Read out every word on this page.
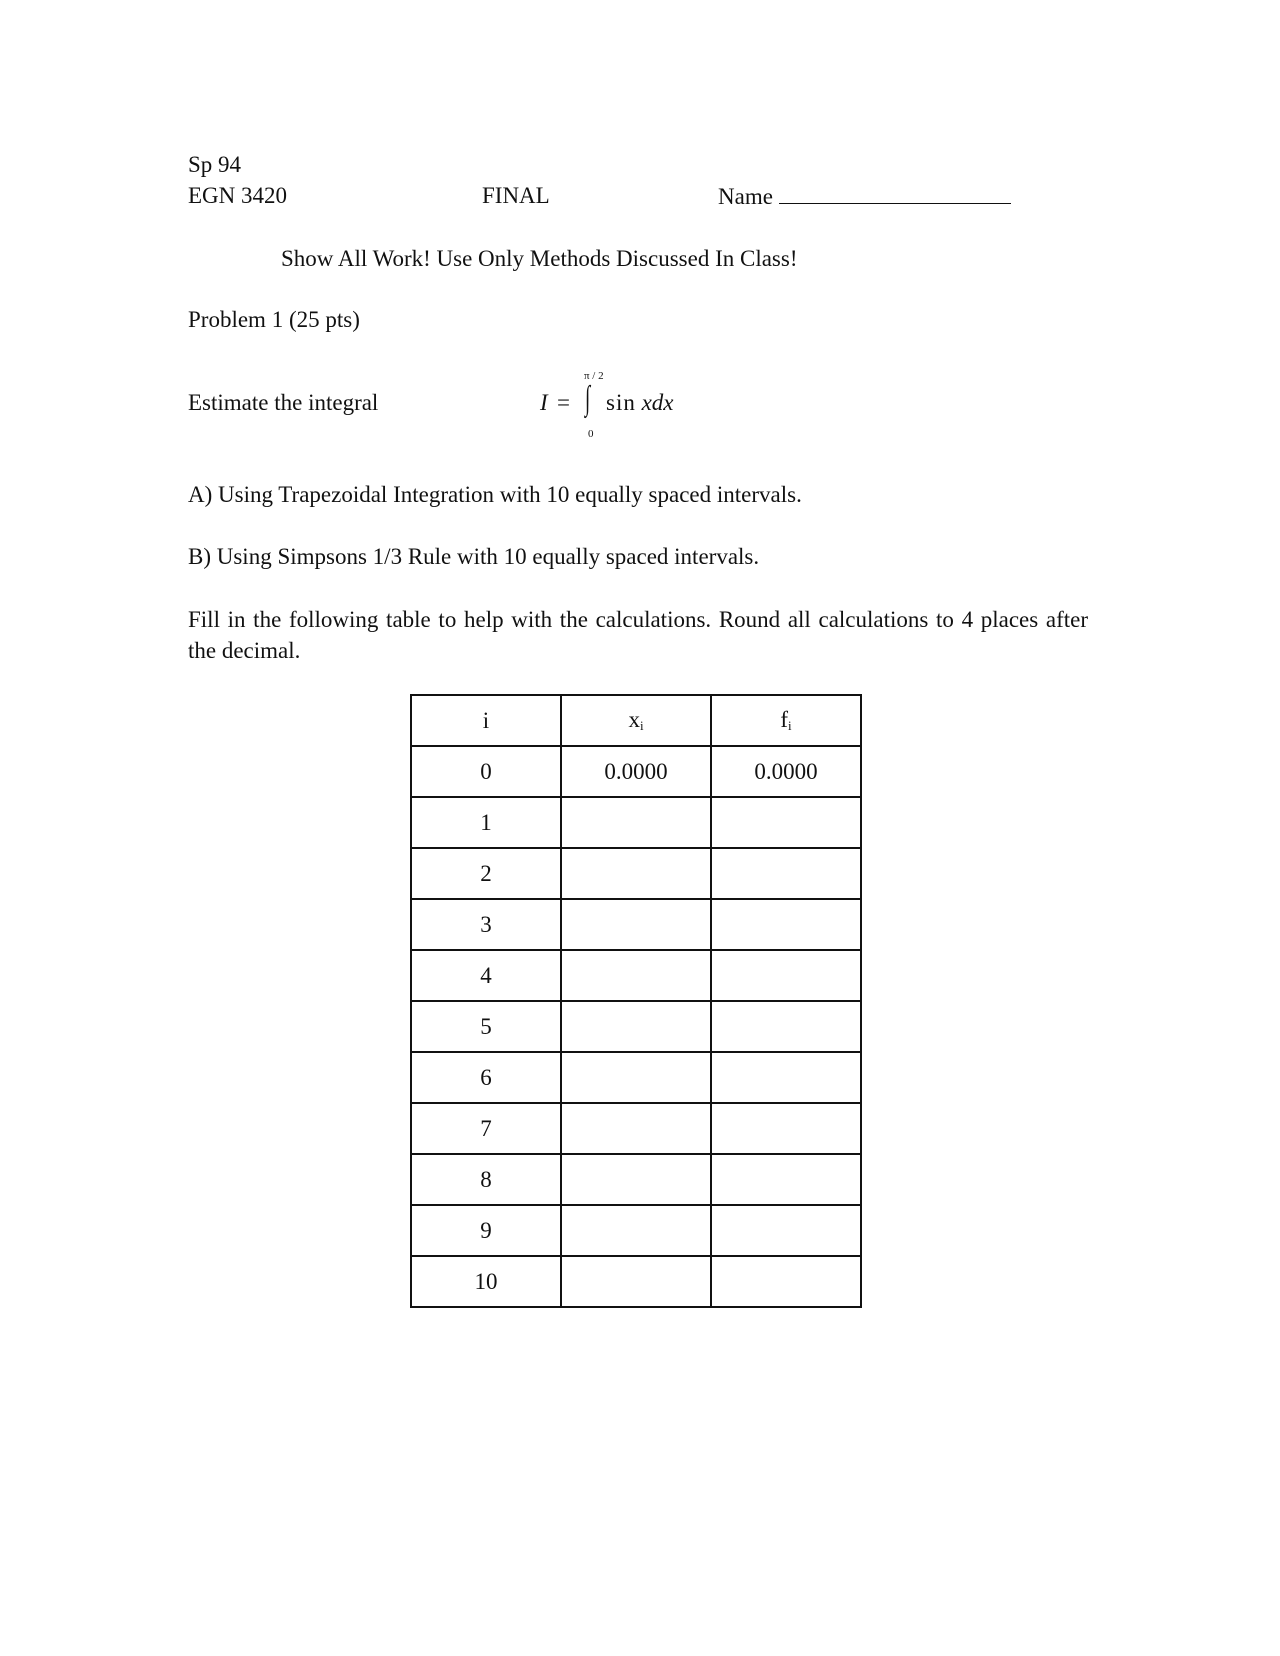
Sp 94
EGN 3420	FINAL	Name
Show All Work! Use Only Methods Discussed In Class!
Problem 1 (25 pts)
Estimate the integral	I =
π / 2
∫
0
sin xdx
A) Using Trapezoidal Integration with 10 equally spaced intervals.
B) Using Simpsons 1/3 Rule with 10 equally spaced intervals.
Fill in the following table to help with the calculations. Round all calculations to 4 places after the decimal.
i	$x_i$	$f_i$
0	0.0000	0.0000
1		
2		
3		
4		
5		
6		
7		
8		
9		
10		
